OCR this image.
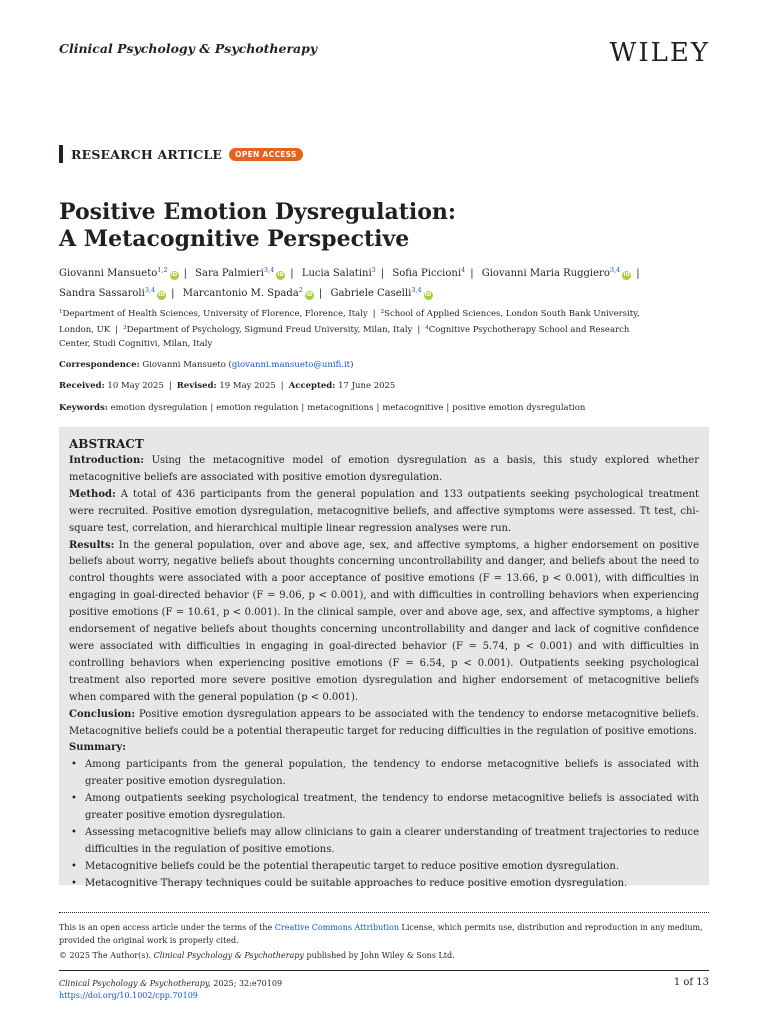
Clinical Psychology & Psychotherapy	WILEY
RESEARCH ARTICLE	OPEN ACCESS
Positive Emotion Dysregulation:
A Metacognitive Perspective
Giovanni Mansueto$^{1,2}$iD | Sara Palmieri$^{3,4}$iD | Lucia Salatini$^3$ | Sofia Piccioni$^4$ | Giovanni Maria Ruggiero$^{3,4}$iD |
Sandra Sassaroli$^{3,4}$iD | Marcantonio M. Spada$^2$iD | Gabriele Caselli$^{3,4}$iD
$^1$Department of Health Sciences, University of Florence, Florence, Italy | $^2$School of Applied Sciences, London South Bank University, London, UK | $^3$Department of Psychology, Sigmund Freud University, Milan, Italy | $^4$Cognitive Psychotherapy School and Research Center, Studi Cognitivi, Milan, Italy
Correspondence: Giovanni Mansueto (giovanni.mansueto@unifi.it)
Received: 10 May 2025 | Revised: 19 May 2025 | Accepted: 17 June 2025
Keywords: emotion dysregulation | emotion regulation | metacognitions | metacognitive | positive emotion dysregulation
ABSTRACT

Introduction: Using the metacognitive model of emotion dysregulation as a basis, this study explored whether metacognitive beliefs are associated with positive emotion dysregulation.

Method: A total of 436 participants from the general population and 133 outpatients seeking psychological treatment were recruited. Positive emotion dysregulation, metacognitive beliefs, and affective symptoms were assessed. Tt test, chi-square test, correlation, and hierarchical multiple linear regression analyses were run.

Results: In the general population, over and above age, sex, and affective symptoms, a higher endorsement on positive beliefs about worry, negative beliefs about thoughts concerning uncontrollability and danger, and beliefs about the need to control thoughts were associated with a poor acceptance of positive emotions (F = 13.66, p < 0.001), with difficulties in engaging in goal-directed behavior (F = 9.06, p < 0.001), and with difficulties in controlling behaviors when experiencing positive emotions (F = 10.61, p < 0.001). In the clinical sample, over and above age, sex, and affective symptoms, a higher endorsement of negative beliefs about thoughts concerning uncontrollability and danger and lack of cognitive confidence were associated with difficulties in engaging in goal-directed behavior (F = 5.74, p < 0.001) and with difficulties in controlling behaviors when experiencing positive emotions (F = 6.54, p < 0.001). Outpatients seeking psychological treatment also reported more severe positive emotion dysregulation and higher endorsement of metacognitive beliefs when compared with the general population (p < 0.001).

Conclusion: Positive emotion dysregulation appears to be associated with the tendency to endorse metacognitive beliefs. Metacognitive beliefs could be a potential therapeutic target for reducing difficulties in the regulation of positive emotions.

Summary:
• Among participants from the general population, the tendency to endorse metacognitive beliefs is associated with greater positive emotion dysregulation.
• Among outpatients seeking psychological treatment, the tendency to endorse metacognitive beliefs is associated with greater positive emotion dysregulation.
• Assessing metacognitive beliefs may allow clinicians to gain a clearer understanding of treatment trajectories to reduce difficulties in the regulation of positive emotions.
• Metacognitive beliefs could be the potential therapeutic target to reduce positive emotion dysregulation.
• Metacognitive Therapy techniques could be suitable approaches to reduce positive emotion dysregulation.
This is an open access article under the terms of the Creative Commons Attribution License, which permits use, distribution and reproduction in any medium, provided the original work is properly cited.
© 2025 The Author(s). Clinical Psychology & Psychotherapy published by John Wiley & Sons Ltd.
Clinical Psychology & Psychotherapy, 2025; 32:e70109
https://doi.org/10.1002/cpp.70109
1 of 13
